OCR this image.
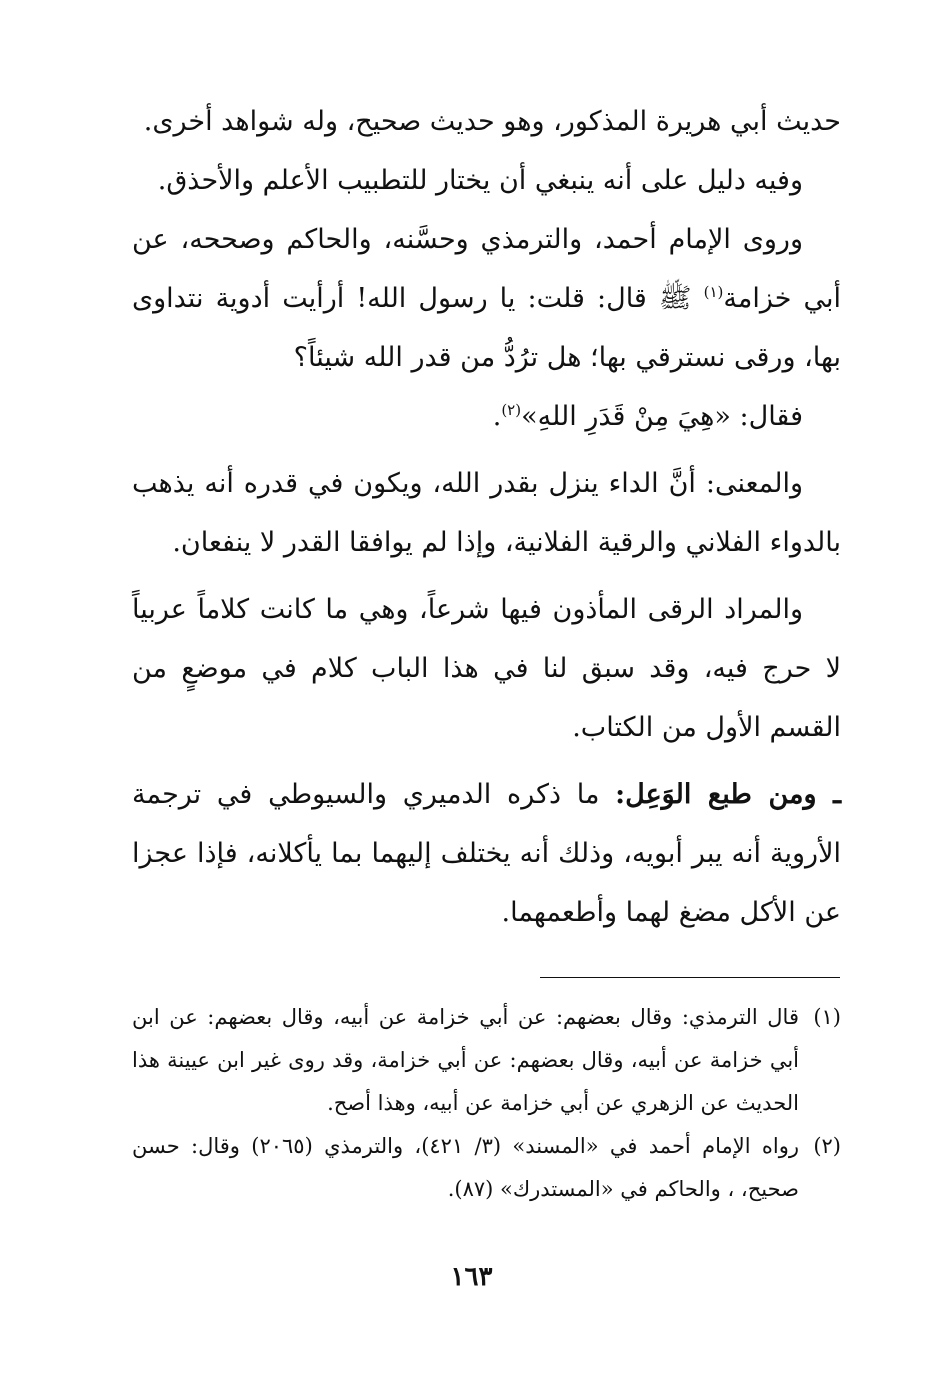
حديث أبي هريرة المذكور، وهو حديث صحيح، وله شواهد أخرى.

وفيه دليل على أنه ينبغي أن يختار للتطبيب الأعلم والأحذق.

وروى الإمام أحمد، والترمذي وحسَّنه، والحاكم وصححه، عن أبي خزامة$^{(١)}$ ﷺ قال: قلت: يا رسول الله! أرأيت أدوية نتداوى بها، ورقى نسترقي بها؛ هل ترُدُّ من قدر الله شيئاً؟

فقال: «هِيَ مِنْ قَدَرِ اللهِ»$^{(٢)}$.

والمعنى: أنَّ الداء ينزل بقدر الله، ويكون في قدره أنه يذهب بالدواء الفلاني والرقية الفلانية، وإذا لم يوافقا القدر لا ينفعان.

والمراد الرقى المأذون فيها شرعاً، وهي ما كانت كلاماً عربياً لا حرج فيه، وقد سبق لنا في هذا الباب كلام في موضعٍ من القسم الأول من الكتاب.

ـ ومن طبع الوَعِل: ما ذكره الدميري والسيوطي في ترجمة الأروية أنه يبر أبويه، وذلك أنه يختلف إليهما بما يأكلانه، فإذا عجزا عن الأكل مضغ لهما وأطعمهما.

(١)
قال الترمذي: وقال بعضهم: عن أبي خزامة عن أبيه، وقال بعضهم: عن ابن أبي خزامة عن أبيه، وقال بعضهم: عن أبي خزامة، وقد روى غير ابن عيينة هذا الحديث عن الزهري عن أبي خزامة عن أبيه، وهذا أصح.
(٢)
رواه الإمام أحمد في «المسند» (٣/ ٤٢١)، والترمذي (٢٠٦٥) وقال: حسن صحيح، ، والحاكم في «المستدرك» (٨٧).
١٦٣
